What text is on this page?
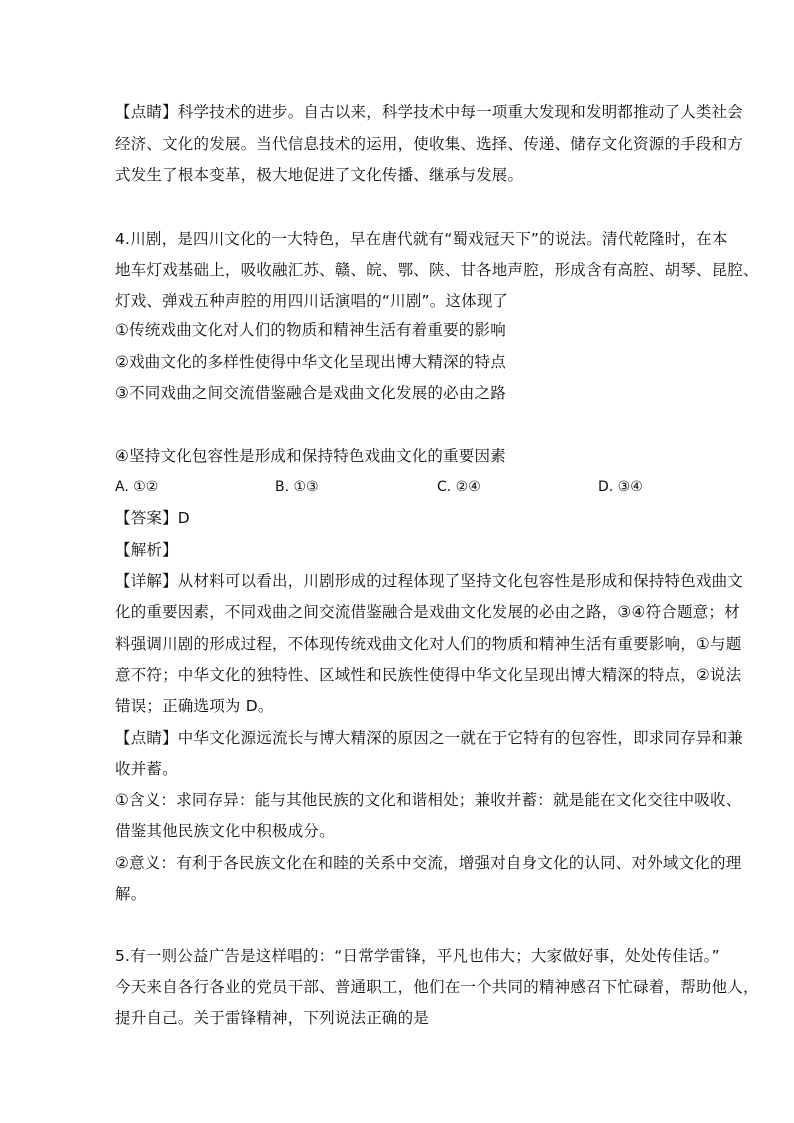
【点睛】科学技术的进步。自古以来，科学技术中每一项重大发现和发明都推动了人类社会
经济、文化的发展。当代信息技术的运用，使收集、选择、传递、储存文化资源的手段和方
式发生了根本变革，极大地促进了文化传播、继承与发展。
4.川剧，是四川文化的一大特色，早在唐代就有“蜀戏冠天下”的说法。清代乾隆时，在本
地车灯戏基础上，吸收融汇苏、赣、皖、鄂、陕、甘各地声腔，形成含有高腔、胡琴、昆腔、
灯戏、弹戏五种声腔的用四川话演唱的“川剧”。这体现了
①传统戏曲文化对人们的物质和精神生活有着重要的影响
②戏曲文化的多样性使得中华文化呈现出博大精深的特点
③不同戏曲之间交流借鉴融合是戏曲文化发展的必由之路
④坚持文化包容性是形成和保持特色戏曲文化的重要因素
A. ①②	B. ①③	C. ②④	D. ③④
【答案】D
【解析】
【详解】从材料可以看出，川剧形成的过程体现了坚持文化包容性是形成和保持特色戏曲文
化的重要因素，不同戏曲之间交流借鉴融合是戏曲文化发展的必由之路，③④符合题意；材
料强调川剧的形成过程，不体现传统戏曲文化对人们的物质和精神生活有重要影响，①与题
意不符；中华文化的独特性、区域性和民族性使得中华文化呈现出博大精深的特点，②说法
错误；正确选项为 D。
【点睛】中华文化源远流长与博大精深的原因之一就在于它特有的包容性，即求同存异和兼
收并蓄。
①含义：求同存异：能与其他民族的文化和谐相处；兼收并蓄：就是能在文化交往中吸收、
借鉴其他民族文化中积极成分。
②意义：有利于各民族文化在和睦的关系中交流，增强对自身文化的认同、对外域文化的理
解。
5.有一则公益广告是这样唱的：“日常学雷锋，平凡也伟大；大家做好事，处处传佳话。”
今天来自各行各业的党员干部、普通职工，他们在一个共同的精神感召下忙碌着，帮助他人，
提升自己。关于雷锋精神，下列说法正确的是
